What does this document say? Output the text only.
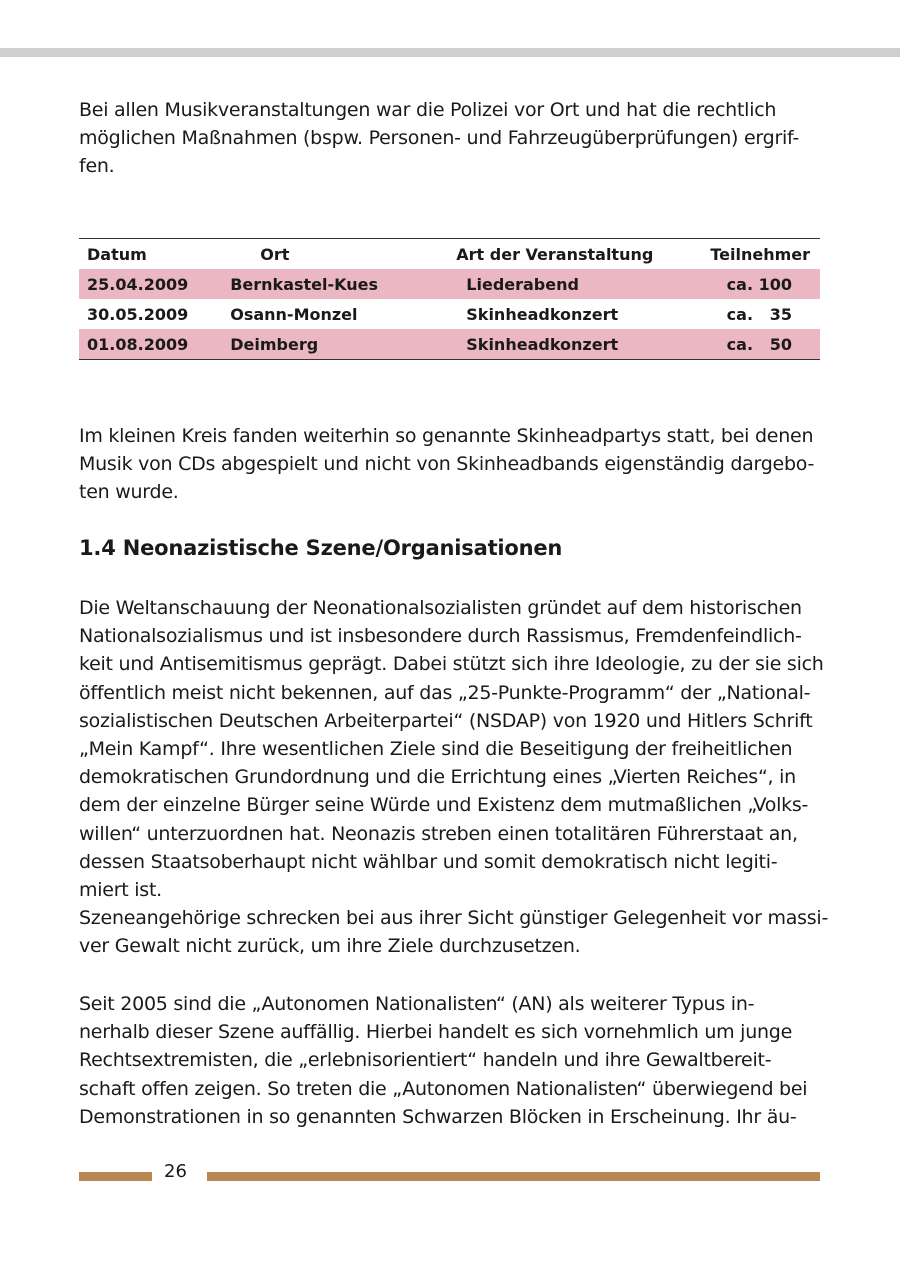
Bei allen Musikveranstaltungen war die Polizei vor Ort und hat die rechtlich
möglichen Maßnahmen (bspw. Personen- und Fahrzeugüberprüfungen) ergrif-
fen.

Datum	Ort	Art der Veranstaltung	Teilnehmer
25.04.2009	Bernkastel-Kues	Liederabend	ca. 100
30.05.2009	Osann-Monzel	Skinheadkonzert	ca.   35
01.08.2009	Deimberg	Skinheadkonzert	ca.   50

Im kleinen Kreis fanden weiterhin so genannte Skinheadpartys statt, bei denen
Musik von CDs abgespielt und nicht von Skinheadbands eigenständig dargebo-
ten wurde.

1.4 Neonazistische Szene/Organisationen

Die Weltanschauung der Neonationalsozialisten gründet auf dem historischen
Nationalsozialismus und ist insbesondere durch Rassismus, Fremdenfeindlich-
keit und Antisemitismus geprägt. Dabei stützt sich ihre Ideologie, zu der sie sich
öffentlich meist nicht bekennen, auf das „25-Punkte-Programm“ der „National-
sozialistischen Deutschen Arbeiterpartei“ (NSDAP) von 1920 und Hitlers Schrift
„Mein Kampf“. Ihre wesentlichen Ziele sind die Beseitigung der freiheitlichen
demokratischen Grundordnung und die Errichtung eines „Vierten Reiches“, in
dem der einzelne Bürger seine Würde und Existenz dem mutmaßlichen „Volks-
willen“ unterzuordnen hat. Neonazis streben einen totalitären Führerstaat an,
dessen Staatsoberhaupt nicht wählbar und somit demokratisch nicht legiti-
miert ist.
Szeneangehörige schrecken bei aus ihrer Sicht günstiger Gelegenheit vor massi-
ver Gewalt nicht zurück, um ihre Ziele durchzusetzen.

Seit 2005 sind die „Autonomen Nationalisten“ (AN) als weiterer Typus in-
nerhalb dieser Szene auffällig. Hierbei handelt es sich vornehmlich um junge
Rechtsextremisten, die „erlebnisorientiert“ handeln und ihre Gewaltbereit-
schaft offen zeigen. So treten die „Autonomen Nationalisten“ überwiegend bei
Demonstrationen in so genannten Schwarzen Blöcken in Erscheinung. Ihr äu-

26
